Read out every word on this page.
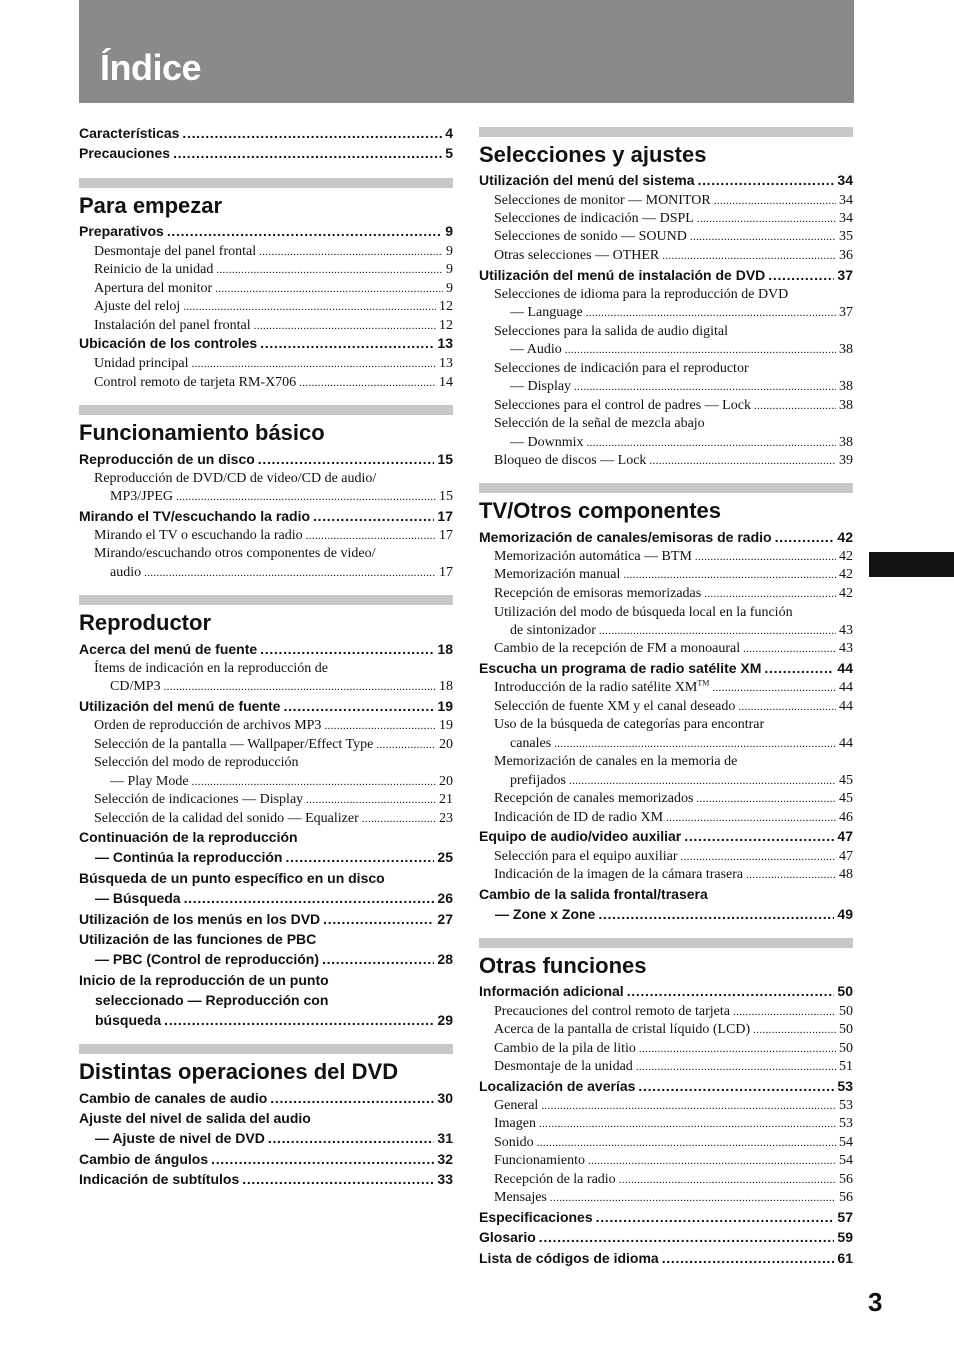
Índice
3
Características . . .	4
Precauciones . . .	5
Para empezar
Preparativos . . .	9
Desmontaje del panel frontal . . .	9
Reinicio de la unidad . . .	9
Apertura del monitor . . .	9
Ajuste del reloj . . .	12
Instalación del panel frontal . . .	12
Ubicación de los controles . . .	13
Unidad principal . . .	13
Control remoto de tarjeta RM-X706 . . .	14
Funcionamiento básico
Reproducción de un disco . . .	15
Reproducción de DVD/CD de video/CD de audio/
MP3/JPEG . . .	15
Mirando el TV/escuchando la radio . . .	17
Mirando el TV o escuchando la radio . . .	17
Mirando/escuchando otros componentes de video/
audio . . .	17
Reproductor
Acerca del menú de fuente . . .	18
Ítems de indicación en la reproducción de
CD/MP3 . . .	18
Utilización del menú de fuente . . .	19
Orden de reproducción de archivos MP3 . . .	19
Selección de la pantalla — Wallpaper/Effect Type . . .	20
Selección del modo de reproducción
— Play Mode . . .	20
Selección de indicaciones — Display . . .	21
Selección de la calidad del sonido — Equalizer . . .	23
Continuación de la reproducción
— Continúa la reproducción . . .	25
Búsqueda de un punto específico en un disco
— Búsqueda . . .	26
Utilización de los menús en los DVD . . .	27
Utilización de las funciones de PBC
— PBC (Control de reproducción) . . .	28
Inicio de la reproducción de un punto
seleccionado — Reproducción con
búsqueda . . .	29
Distintas operaciones del DVD
Cambio de canales de audio . . .	30
Ajuste del nivel de salida del audio
— Ajuste de nivel de DVD . . .	31
Cambio de ángulos . . .	32
Indicación de subtítulos . . .	33
Selecciones y ajustes
Utilización del menú del sistema . . .	34
Selecciones de monitor — MONITOR . . .	34
Selecciones de indicación — DSPL . . .	34
Selecciones de sonido — SOUND . . .	35
Otras selecciones — OTHER . . .	36
Utilización del menú de instalación de DVD . . .	37
Selecciones de idioma para la reproducción de DVD
— Language . . .	37
Selecciones para la salida de audio digital
— Audio . . .	38
Selecciones de indicación para el reproductor
— Display . . .	38
Selecciones para el control de padres — Lock . . .	38
Selección de la señal de mezcla abajo
— Downmix . . .	38
Bloqueo de discos — Lock . . .	39
TV/Otros componentes
Memorización de canales/emisoras de radio . . .	42
Memorización automática — BTM . . .	42
Memorización manual . . .	42
Recepción de emisoras memorizadas . . .	42
Utilización del modo de búsqueda local en la función
de sintonizador . . .	43
Cambio de la recepción de FM a monoaural . . .	43
Escucha un programa de radio satélite XM . . .	44
Introducción de la radio satélite XM™ . . .	44
Selección de fuente XM y el canal deseado . . .	44
Uso de la búsqueda de categorías para encontrar
canales . . .	44
Memorización de canales en la memoria de
prefijados . . .	45
Recepción de canales memorizados . . .	45
Indicación de ID de radio XM . . .	46
Equipo de audio/video auxiliar . . .	47
Selección para el equipo auxiliar . . .	47
Indicación de la imagen de la cámara trasera . . .	48
Cambio de la salida frontal/trasera
— Zone x Zone . . .	49
Otras funciones
Información adicional . . .	50
Precauciones del control remoto de tarjeta . . .	50
Acerca de la pantalla de cristal líquido (LCD) . . .	50
Cambio de la pila de litio . . .	50
Desmontaje de la unidad . . .	51
Localización de averías . . .	53
General . . .	53
Imagen . . .	53
Sonido . . .	54
Funcionamiento . . .	54
Recepción de la radio . . .	56
Mensajes . . .	56
Especificaciones . . .	57
Glosario . . .	59
Lista de códigos de idioma . . .	61
